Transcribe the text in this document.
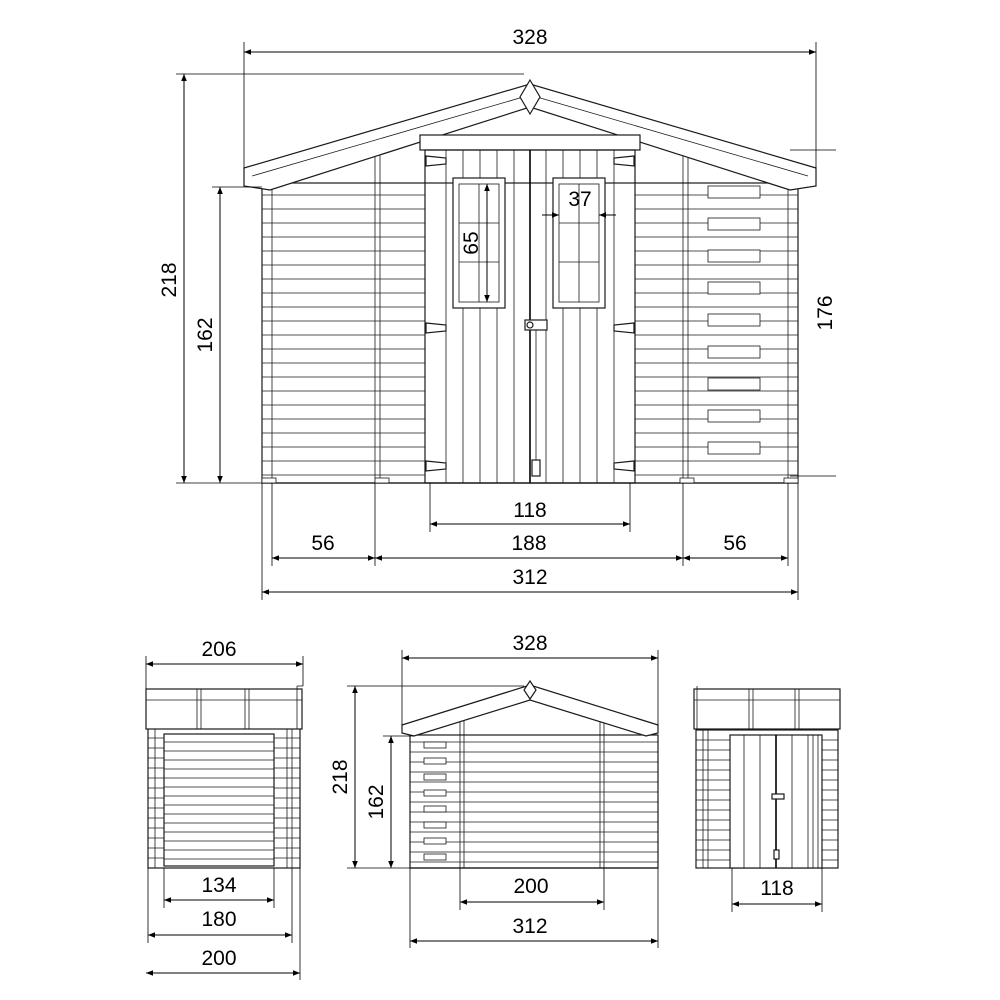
328
218
162
176
65
37
118
56	188	56
312
206
134
180
200
328
218
162
200
312
118
